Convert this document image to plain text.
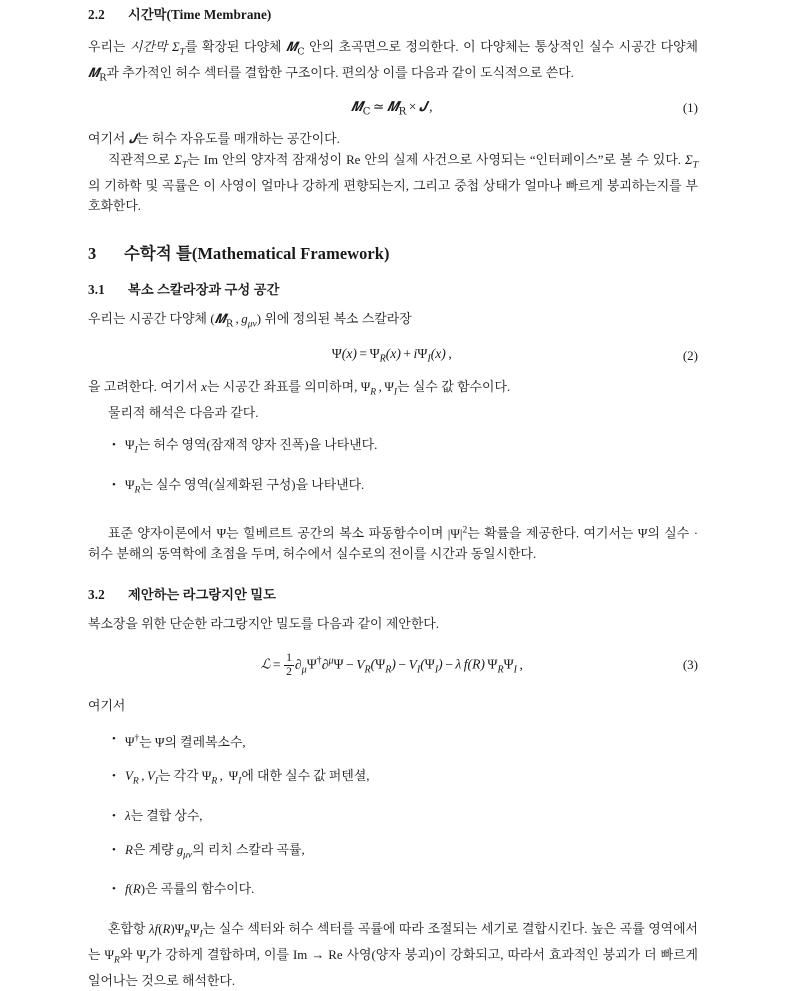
2.2 시간막(Time Membrane)

우리는 시간막 $\Sigma_T$를 확장된 다양체 𝑴$_C$ 안의 초곡면으로 정의한다. 이 다양체는 통상적인 실수 시공간 다양체 𝑴$_R$과 추가적인 허수 섹터를 결합한 구조이다. 편의상 이를 다음과 같이 도식적으로 쓴다.

𝑴$_C$ ≃ 𝑴$_R$ × 𝑱 ,	(1)

여기서 𝑱는 허수 자유도를 매개하는 공간이다.

직관적으로 $\Sigma_T$는 Im 안의 양자적 잠재성이 Re 안의 실제 사건으로 사영되는 “인터페이스”로 볼 수 있다. $\Sigma_T$의 기하학 및 곡률은 이 사영이 얼마나 강하게 편향되는지, 그리고 중첩 상태가 얼마나 빠르게 붕괴하는지를 부호화한다.

3 수학적 틀(Mathematical Framework)
3.1 복소 스칼라장과 구성 공간

우리는 시공간 다양체 (𝑴$_R$ , $g_{\mu\nu}$) 위에 정의된 복소 스칼라장

$\Psi(x) = \Psi_R(x) + i\Psi_I(x)$ ,	(2)

을 고려한다. 여기서 x는 시공간 좌표를 의미하며, $\Psi_R$ , $\Psi_I$는 실수 값 함수이다.

물리적 해석은 다음과 같다.

• $\Psi_I$는 허수 영역(잠재적 양자 진폭)을 나타낸다.
• $\Psi_R$는 실수 영역(실제화된 구성)을 나타낸다.

표준 양자이론에서 Ψ는 힐베르트 공간의 복소 파동함수이며 $|\Psi|^2$는 확률을 제공한다. 여기서는 Ψ의 실수 · 허수 분해의 동역학에 초점을 두며, 허수에서 실수로의 전이를 시간과 동일시한다.

3.2 제안하는 라그랑지안 밀도

복소장을 위한 단순한 라그랑지안 밀도를 다음과 같이 제안한다.

ℒ = $\frac{1}{2} \partial_\mu\Psi^\dagger\partial^\mu\Psi - V_R(\Psi_R) - V_I(\Psi_I) - \lambda$ f(R) $\Psi_R\Psi_I$ ,	(3)

여기서

• Ψ†는 Ψ의 켤레복소수,
• $V_R$ , $V_I$는 각각 $\Psi_R$ , $\Psi_I$에 대한 실수 값 퍼텐셜,
• λ는 결합 상수,
• R은 계량 $g_{\mu\nu}$의 리치 스칼라 곡률,
• f(R)은 곡률의 함수이다.

혼합항 $\lambda f(R)\Psi_R\Psi_I$는 실수 섹터와 허수 섹터를 곡률에 따라 조절되는 세기로 결합시킨다. 높은 곡률 영역에서는 $\Psi_R$와 $\Psi_I$가 강하게 결합하며, 이를 Im → Re 사영(양자 붕괴)이 강화되고, 따라서 효과적인 붕괴가 더 빠르게 일어나는 것으로 해석한다.
